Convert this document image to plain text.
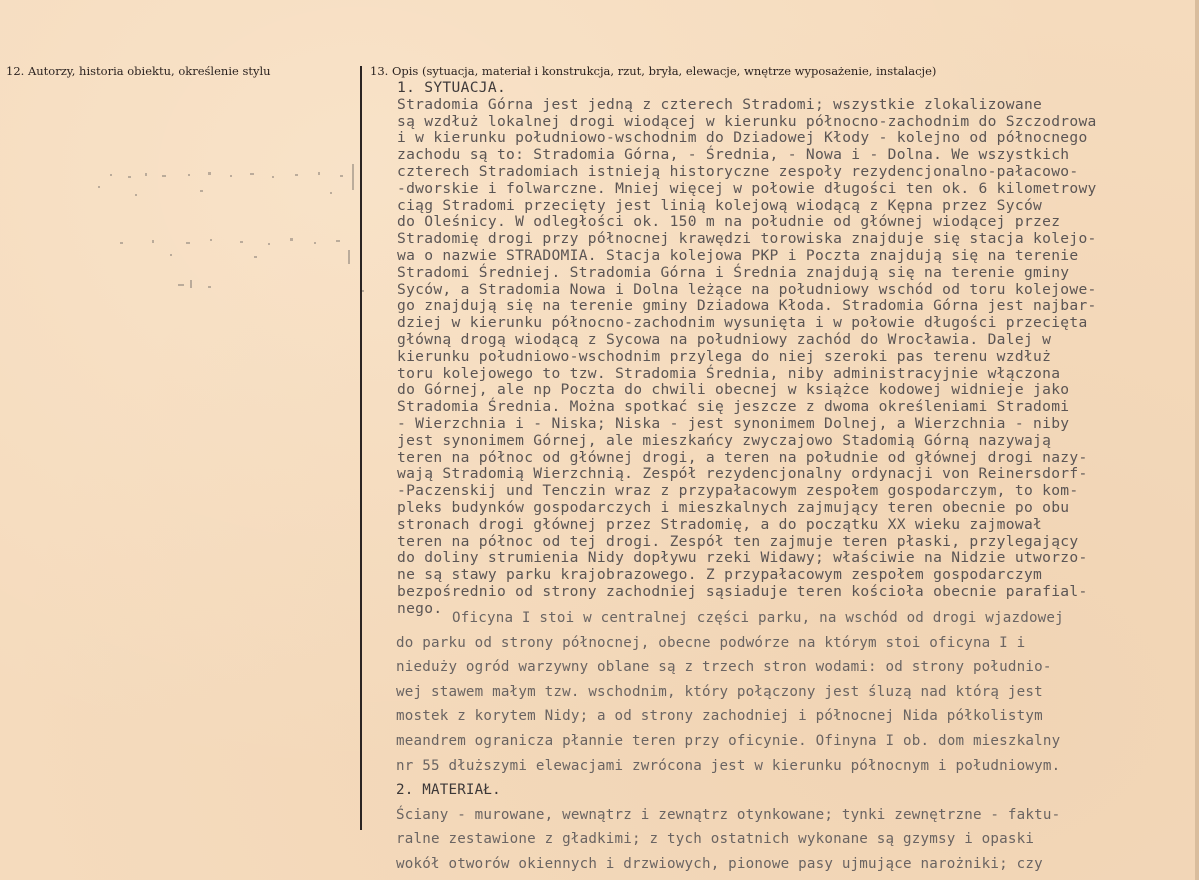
12. Autorzy, historia obiektu, określenie stylu	13. Opis (sytuacja, materiał i konstrukcja, rzut, bryła, elewacje, wnętrze wyposażenie, instalacje)
1. SYTUACJA.
Stradomia Górna jest jedną z czterech Stradomi; wszystkie zlokalizowane
są wzdłuż lokalnej drogi wiodącej w kierunku północno-zachodnim do Szczodrowa
i w kierunku południowo-wschodnim do Dziadowej Kłody - kolejno od północnego
zachodu są to: Stradomia Górna, - Średnia, - Nowa i - Dolna. We wszystkich
czterech Stradomiach istnieją historyczne zespoły rezydencjonalno-pałacowo-
-dworskie i folwarczne. Mniej więcej w połowie długości ten ok. 6 kilometrowy
ciąg Stradomi przecięty jest linią kolejową wiodącą z Kępna przez Syców
do Oleśnicy. W odległości ok. 150 m na południe od głównej wiodącej przez
Stradomię drogi przy północnej krawędzi torowiska znajduje się stacja kolejo-
wa o nazwie STRADOMIA. Stacja kolejowa PKP i Poczta znajdują się na terenie
Stradomi Średniej. Stradomia Górna i Średnia znajdują się na terenie gminy
Syców, a Stradomia Nowa i Dolna leżące na południowy wschód od toru kolejowe-
go znajdują się na terenie gminy Dziadowa Kłoda. Stradomia Górna jest najbar-
dziej w kierunku północno-zachodnim wysunięta i w połowie długości przecięta
główną drogą wiodącą z Sycowa na południowy zachód do Wrocławia. Dalej w
kierunku południowo-wschodnim przylega do niej szeroki pas terenu wzdłuż
toru kolejowego to tzw. Stradomia Średnia, niby administracyjnie włączona
do Górnej, ale np Poczta do chwili obecnej w książce kodowej widnieje jako
Stradomia Średnia. Można spotkać się jeszcze z dwoma określeniami Stradomi
- Wierzchnia i - Niska; Niska - jest synonimem Dolnej, a Wierzchnia - niby
jest synonimem Górnej, ale mieszkańcy zwyczajowo Stadomią Górną nazywają
teren na północ od głównej drogi, a teren na południe od głównej drogi nazy-
wają Stradomią Wierzchnią. Zespół rezydencjonalny ordynacji von Reinersdorf-
-Paczenskij und Tenczin wraz z przypałacowym zespołem gospodarczym, to kom-
pleks budynków gospodarczych i mieszkalnych zajmujący teren obecnie po obu
stronach drogi głównej przez Stradomię, a do początku XX wieku zajmował
teren na północ od tej drogi. Zespół ten zajmuje teren płaski, przylegający
do doliny strumienia Nidy dopływu rzeki Widawy; właściwie na Nidzie utworzo-
ne są stawy parku krajobrazowego. Z przypałacowym zespołem gospodarczym
bezpośrednio od strony zachodniej sąsiaduje teren kościoła obecnie parafial-
nego.
Oficyna I stoi w centralnej części parku, na wschód od drogi wjazdowej
do parku od strony północnej, obecne podwórze na którym stoi oficyna I i
nieduży ogród warzywny oblane są z trzech stron wodami: od strony południo-
wej stawem małym tzw. wschodnim, który połączony jest śluzą nad którą jest
mostek z korytem Nidy; a od strony zachodniej i północnej Nida półkolistym
meandrem ogranicza płannie teren przy oficynie. Ofinyna I ob. dom mieszkalny
nr 55 dłuższymi elewacjami zwrócona jest w kierunku północnym i południowym.
2. MATERIAŁ.
Ściany - murowane, wewnątrz i zewnątrz otynkowane; tynki zewnętrzne - faktu-
ralne zestawione z gładkimi; z tych ostatnich wykonane są gzymsy i opaski
wokół otworów okiennych i drzwiowych, pionowe pasy ujmujące narożniki; czy
